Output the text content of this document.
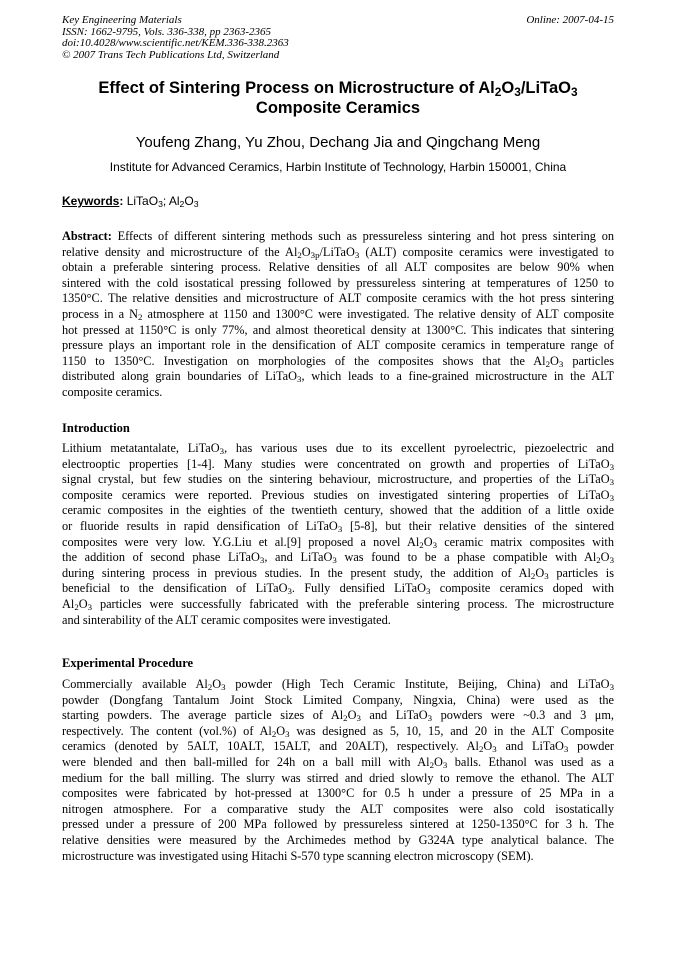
Key Engineering Materials
ISSN: 1662-9795, Vols. 336-338, pp 2363-2365
doi:10.4028/www.scientific.net/KEM.336-338.2363
© 2007 Trans Tech Publications Ltd, Switzerland
Online: 2007-04-15
Effect of Sintering Process on Microstructure of $Al_2O_3/LiTaO_3$
Composite Ceramics
Youfeng Zhang, Yu Zhou, Dechang Jia and Qingchang Meng
Institute for Advanced Ceramics, Harbin Institute of Technology, Harbin 150001, China
Keywords: LiTaO$_3$; $Al_2O_3$
Abstract: Effects of different sintering methods such as pressureless sintering and hot press sintering on
relative density and microstructure of the $Al_2O_{3p}/LiTaO_3$ (ALT) composite ceramics were investigated to
obtain a preferable sintering process. Relative densities of all ALT composites are below 90% when
sintered with the cold isostatical pressing followed by pressureless sintering at temperatures of 1250 to
1350°C. The relative densities and microstructure of ALT composite ceramics with the hot press sintering
process in a $N_2$ atmosphere at 1150 and 1300°C were investigated. The relative density of ALT composite
hot pressed at 1150°C is only 77%, and almost theoretical density at 1300°C. This indicates that sintering
pressure plays an important role in the densification of ALT composite ceramics in temperature range of
1150 to 1350°C. Investigation on morphologies of the composites shows that the $Al_2O_3$ particles
distributed along grain boundaries of LiTaO$_3$, which leads to a fine-grained microstructure in the ALT
composite ceramics.
Introduction
Lithium metatantalate, LiTaO$_3$, has various uses due to its excellent pyroelectric, piezoelectric and
electrooptic properties [1-4]. Many studies were concentrated on growth and properties of LiTaO$_3$
signal crystal, but few studies on the sintering behaviour, microstructure, and properties of the LiTaO$_3$
composite ceramics were reported. Previous studies on investigated sintering properties of LiTaO$_3$
ceramic composites in the eighties of the twentieth century, showed that the addition of a little oxide
or fluoride results in rapid densification of LiTaO$_3$ [5-8], but their relative densities of the sintered
composites were very low. Y.G.Liu et al.[9] proposed a novel $Al_2O_3$ ceramic matrix composites with
the addition of second phase LiTaO$_3$, and LiTaO$_3$ was found to be a phase compatible with $Al_2O_3$
during sintering process in previous studies. In the present study, the addition of $Al_2O_3$ particles is
beneficial to the densification of LiTaO$_3$. Fully densified LiTaO$_3$ composite ceramics doped with
$Al_2O_3$ particles were successfully fabricated with the preferable sintering process. The microstructure
and sinterability of the ALT ceramic composites were investigated.
Experimental Procedure
Commercially available $Al_2O_3$ powder (High Tech Ceramic Institute, Beijing, China) and LiTaO$_3$
powder (Dongfang Tantalum Joint Stock Limited Company, Ningxia, China) were used as the
starting powders. The average particle sizes of $Al_2O_3$ and LiTaO$_3$ powders were ~0.3 and 3 μm,
respectively. The content (vol.%) of $Al_2O_3$ was designed as 5, 10, 15, and 20 in the ALT Composite
ceramics (denoted by 5ALT, 10ALT, 15ALT, and 20ALT), respectively. $Al_2O_3$ and LiTaO$_3$ powder
were blended and then ball-milled for 24h on a ball mill with $Al_2O_3$ balls. Ethanol was used as a
medium for the ball milling. The slurry was stirred and dried slowly to remove the ethanol. The ALT
composites were fabricated by hot-pressed at 1300°C for 0.5 h under a pressure of 25 MPa in a
nitrogen atmosphere. For a comparative study the ALT composites were also cold isostatically
pressed under a pressure of 200 MPa followed by pressureless sintered at 1250-1350°C for 3 h. The
relative densities were measured by the Archimedes method by G324A type analytical balance. The
microstructure was investigated using Hitachi S-570 type scanning electron microscopy (SEM).
